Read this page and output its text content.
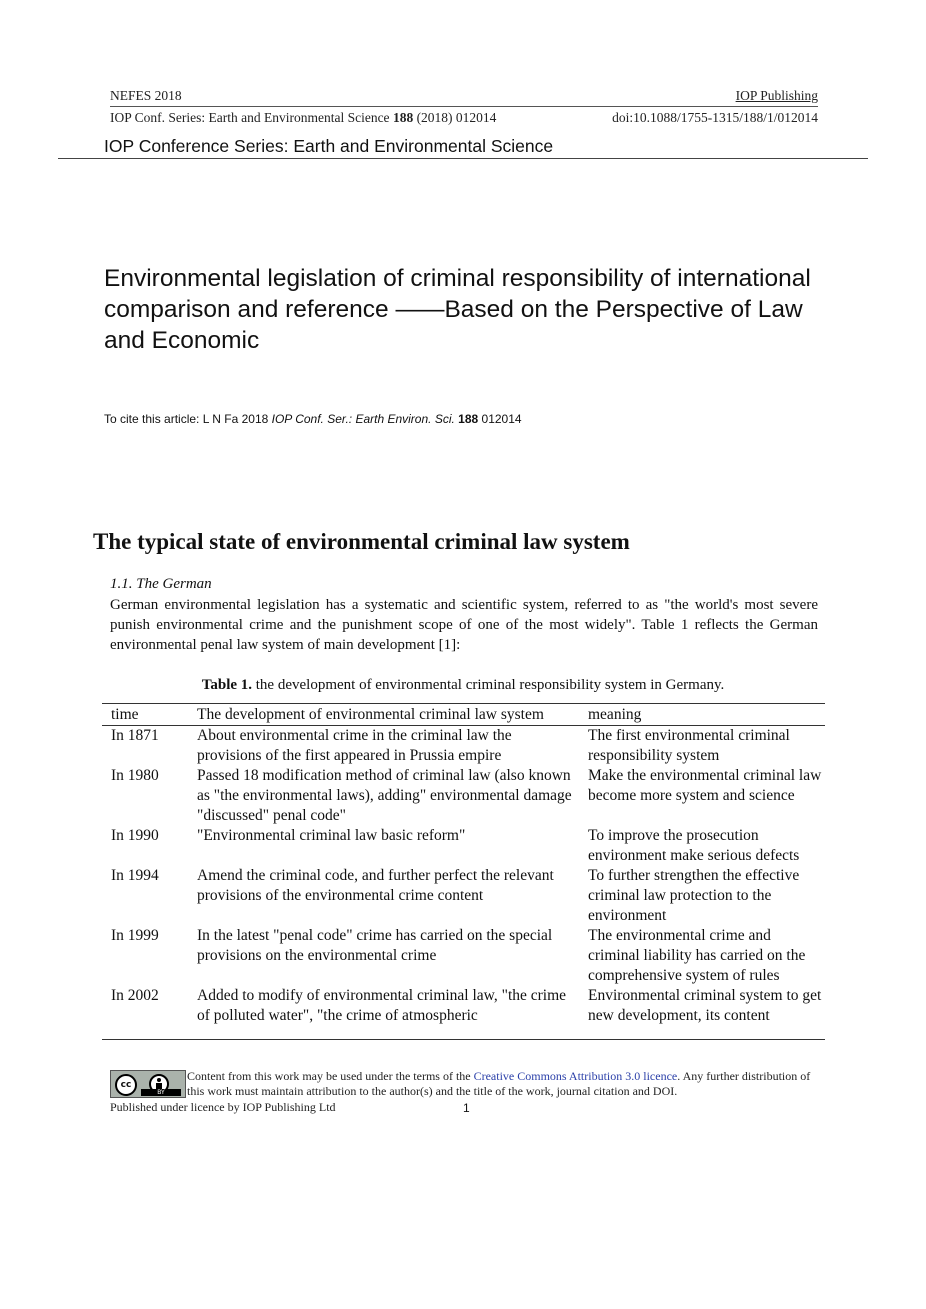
NEFES 2018	IOP Publishing
IOP Conf. Series: Earth and Environmental Science 188 (2018) 012014	doi:10.1088/1755-1315/188/1/012014
IOP Conference Series: Earth and Environmental Science
Environmental legislation of criminal responsibility of international comparison and reference ——Based on the Perspective of Law and Economic
To cite this article: L N Fa 2018 IOP Conf. Ser.: Earth Environ. Sci. 188 012014
The typical state of environmental criminal law system
1.1. The German
German environmental legislation has a systematic and scientific system, referred to as "the world's most severe punish environmental crime and the punishment scope of one of the most widely". Table 1 reflects the German environmental penal law system of main development [1]:
Table 1. the development of environmental criminal responsibility system in Germany.
time	The development of environmental criminal law system	meaning
In 1871	About environmental crime in the criminal law the provisions of the first appeared in Prussia empire	The first environmental criminal responsibility system
In 1980	Passed 18 modification method of criminal law (also known as "the environmental laws), adding" environmental damage "discussed" penal code"	Make the environmental criminal law become more system and science
In 1990	"Environmental criminal law basic reform"	To improve the prosecution environment make serious defects
In 1994	Amend the criminal code, and further perfect the relevant provisions of the environmental crime content	To further strengthen the effective criminal law protection to the environment
In 1999	In the latest "penal code" crime has carried on the special provisions on the environmental crime	The environmental crime and criminal liability has carried on the comprehensive system of rules
In 2002	Added to modify of environmental criminal law, "the crime of polluted water", "the crime of atmospheric	Environmental criminal system to get new development, its content
cc
BY
Content from this work may be used under the terms of the Creative Commons Attribution 3.0 licence. Any further distribution of this work must maintain attribution to the author(s) and the title of the work, journal citation and DOI.
Published under licence by IOP Publishing Ltd	1
